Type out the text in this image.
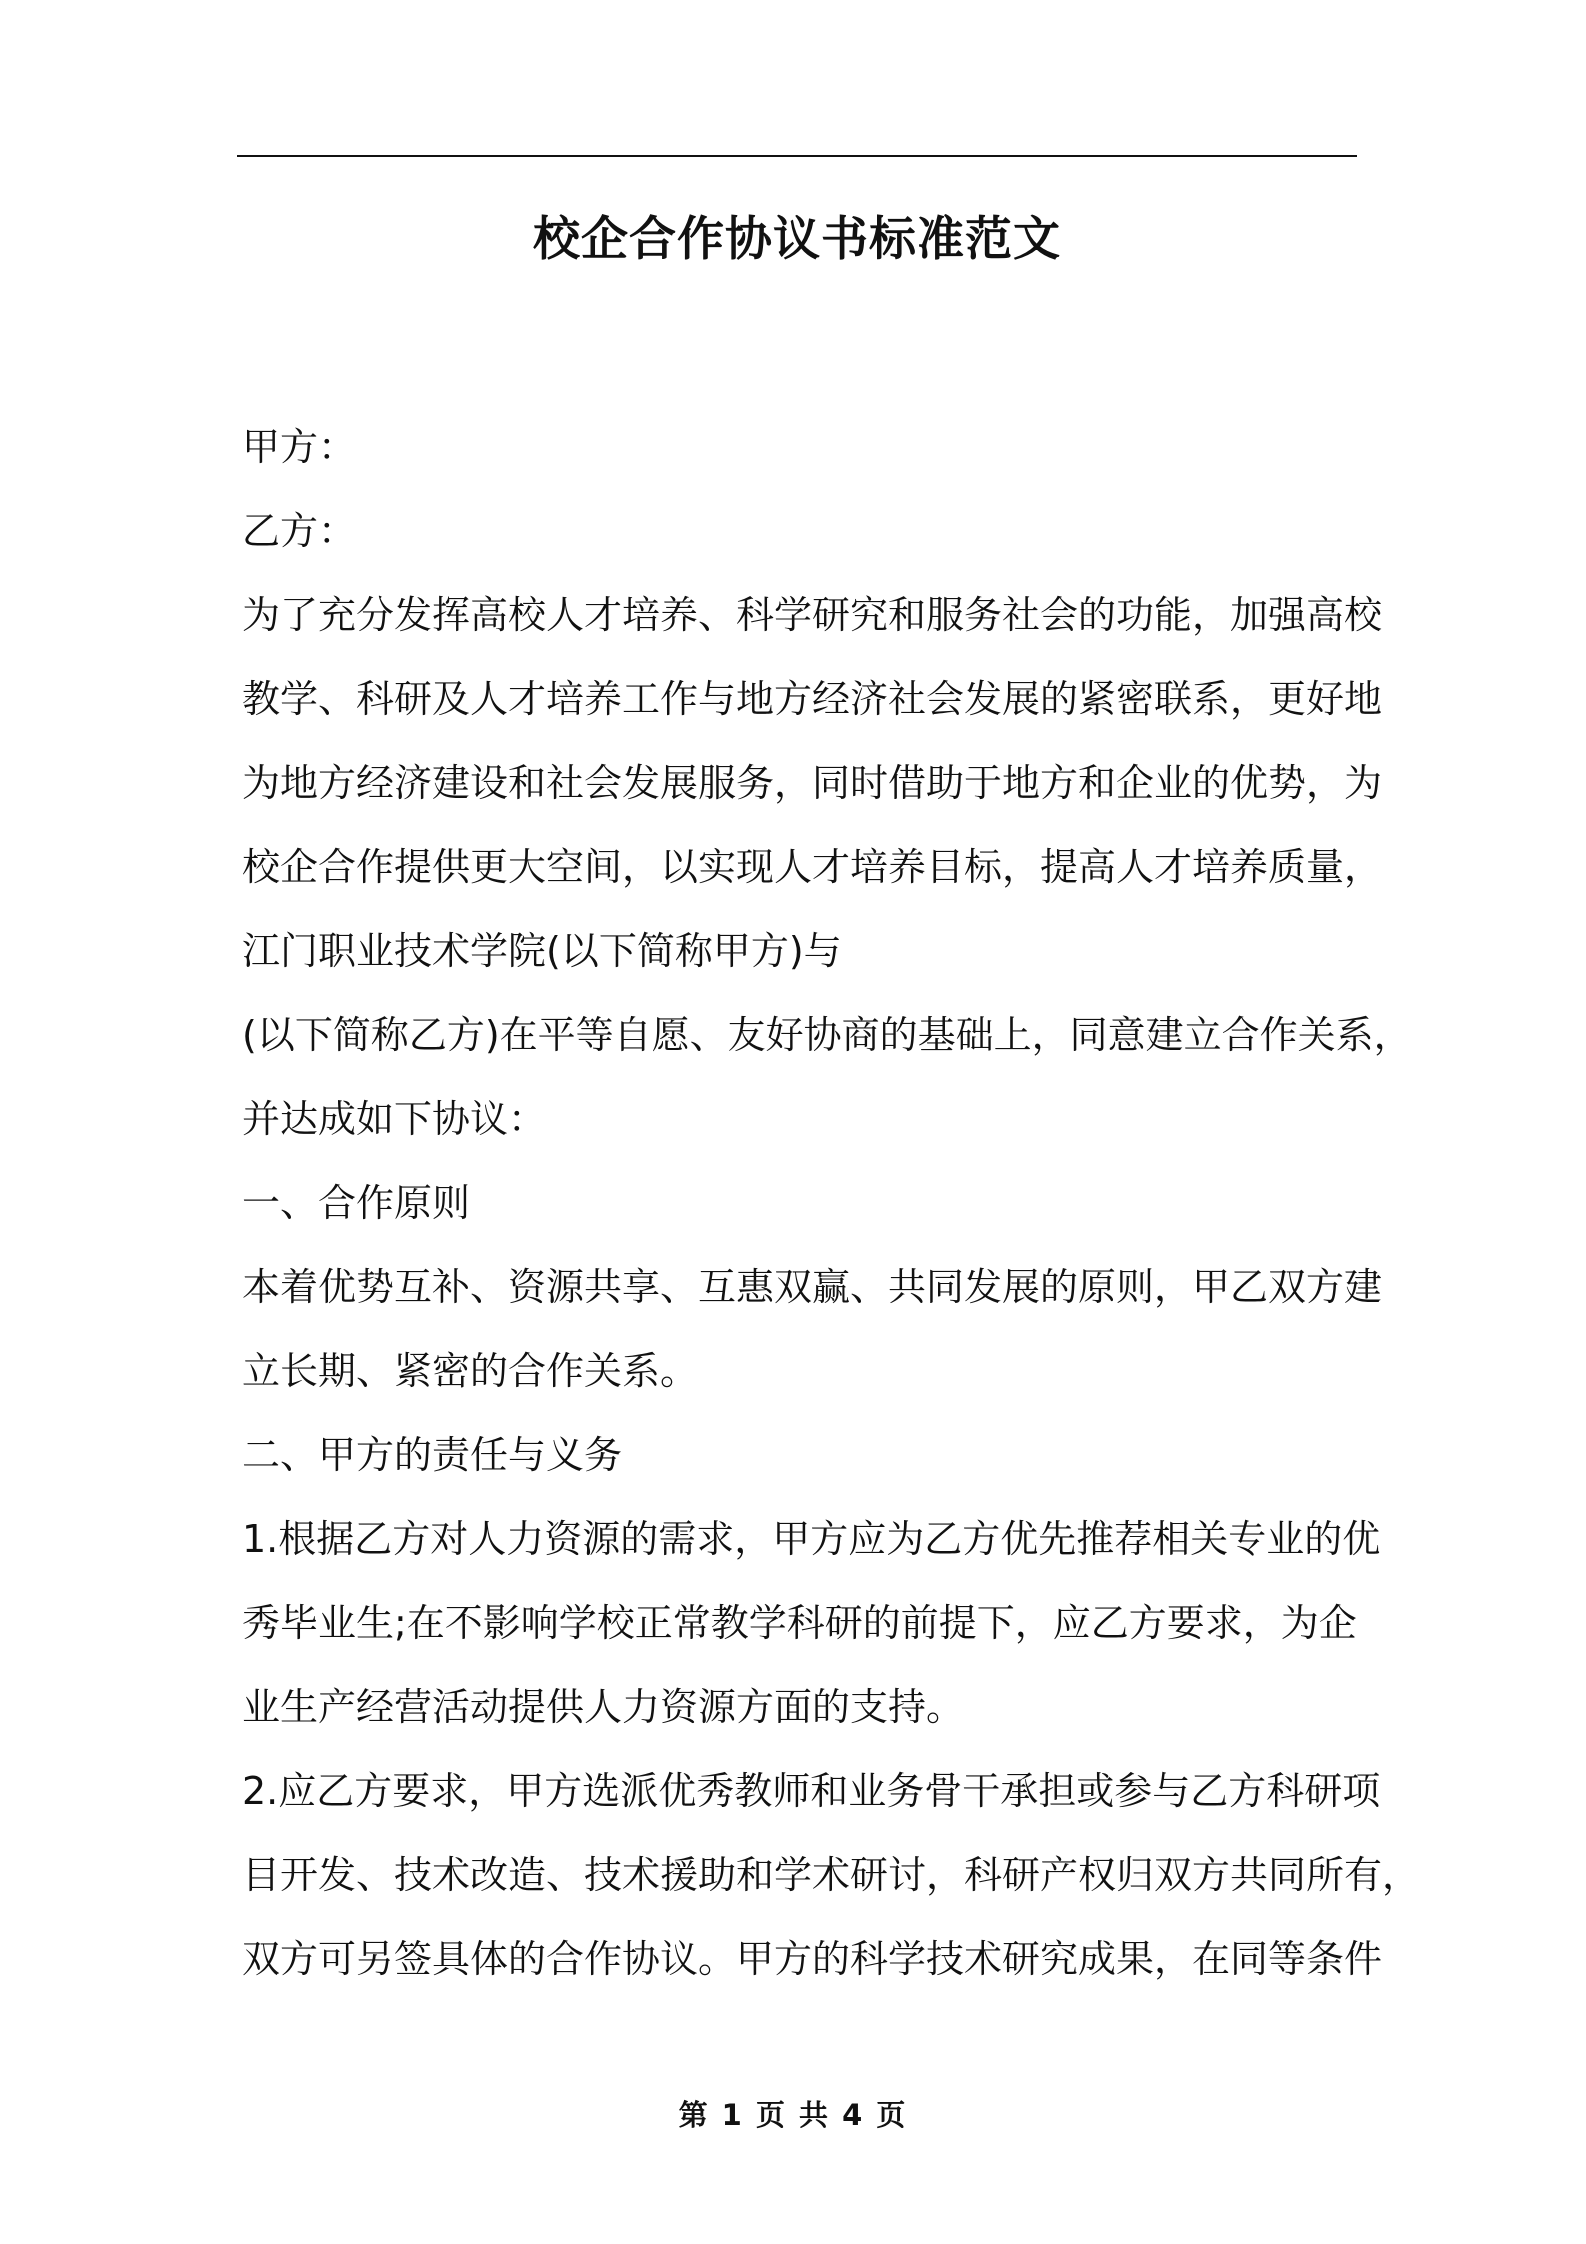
校企合作协议书标准范文
甲方：
乙方：
为了充分发挥高校人才培养、科学研究和服务社会的功能，加强高校
教学、科研及人才培养工作与地方经济社会发展的紧密联系，更好地
为地方经济建设和社会发展服务，同时借助于地方和企业的优势，为
校企合作提供更大空间，以实现人才培养目标，提高人才培养质量，
江门职业技术学院(以下简称甲方)与
(以下简称乙方)在平等自愿、友好协商的基础上，同意建立合作关系，
并达成如下协议：
一、合作原则
本着优势互补、资源共享、互惠双赢、共同发展的原则，甲乙双方建
立长期、紧密的合作关系。
二、甲方的责任与义务
1.根据乙方对人力资源的需求，甲方应为乙方优先推荐相关专业的优
秀毕业生;在不影响学校正常教学科研的前提下，应乙方要求，为企
业生产经营活动提供人力资源方面的支持。
2.应乙方要求，甲方选派优秀教师和业务骨干承担或参与乙方科研项
目开发、技术改造、技术援助和学术研讨，科研产权归双方共同所有，
双方可另签具体的合作协议。甲方的科学技术研究成果，在同等条件
第 1 页 共 4 页
